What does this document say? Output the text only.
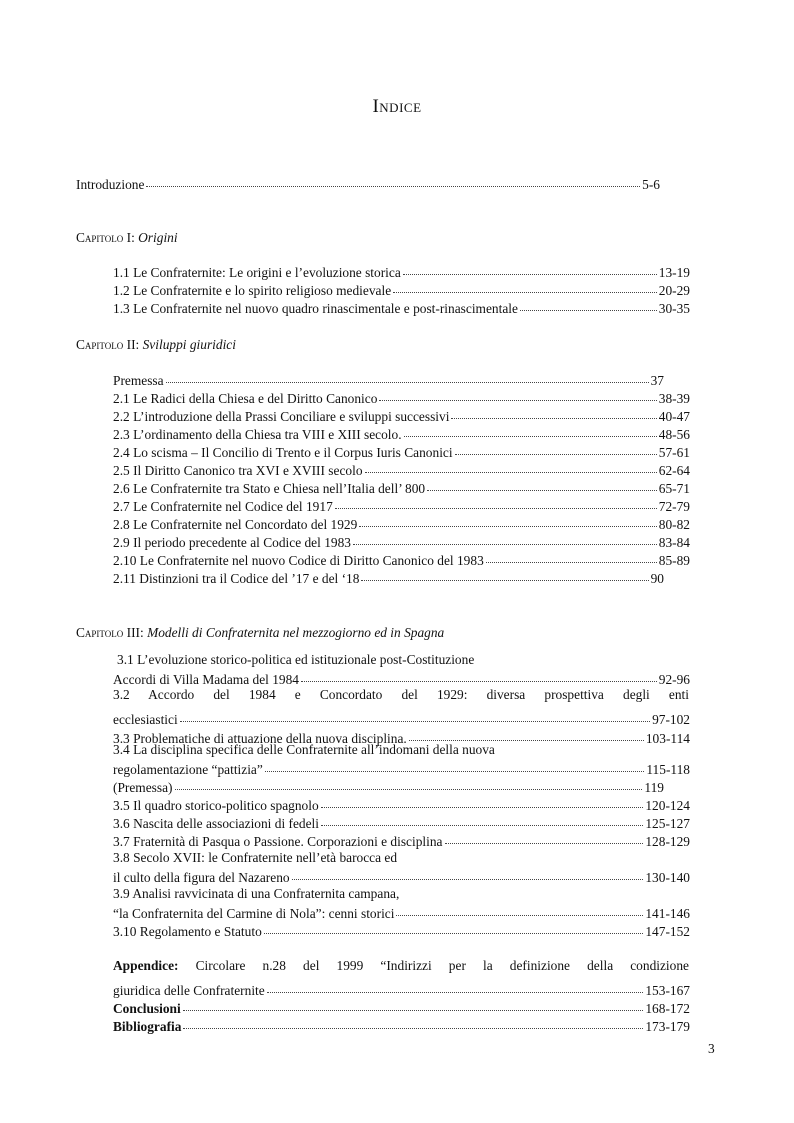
Indice
Introduzione	5-6
Capitolo I: Origini
1.1 Le Confraternite: Le origini e l’evoluzione storica	13-19
1.2 Le Confraternite e lo spirito religioso medievale	20-29
1.3 Le Confraternite nel nuovo quadro rinascimentale e post-rinascimentale	30-35
Capitolo II: Sviluppi giuridici
Premessa	37
2.1 Le Radici della Chiesa e del Diritto Canonico	38-39
2.2 L’introduzione della Prassi Conciliare e sviluppi successivi	40-47
2.3 L’ordinamento della Chiesa tra VIII e XIII secolo.	48-56
2.4 Lo scisma – Il Concilio di Trento e il Corpus Iuris Canonici	57-61
2.5 Il Diritto Canonico tra XVI e XVIII secolo	62-64
2.6 Le Confraternite tra Stato e Chiesa nell’Italia dell’ 800	65-71
2.7 Le Confraternite nel Codice del 1917	72-79
2.8 Le Confraternite nel Concordato del 1929	80-82
2.9 Il periodo precedente al Codice del 1983	83-84
2.10 Le Confraternite nel nuovo Codice di Diritto Canonico del 1983	85-89
2.11 Distinzioni tra il Codice del ’17 e del ‘18	90
Capitolo III: Modelli di Confraternita nel mezzogiorno ed in Spagna
3.1 L’evoluzione storico-politica ed istituzionale post-Costituzione
Accordi di Villa Madama del 1984	92-96
3.2 Accordo del 1984 e Concordato del 1929: diversa prospettiva degli enti
ecclesiastici	97-102
3.3 Problematiche di attuazione della nuova disciplina.	103-114
3.4 La disciplina specifica delle Confraternite all’indomani della nuova
regolamentazione “pattizia”	115-118
(Premessa)	119
3.5 Il quadro storico-politico spagnolo	120-124
3.6 Nascita delle associazioni di fedeli	125-127
3.7 Fraternità di Pasqua o Passione. Corporazioni e disciplina	128-129
3.8 Secolo XVII: le Confraternite nell’età barocca ed
il culto della figura del Nazareno	130-140
3.9 Analisi ravvicinata di una Confraternita campana,
“la Confraternita del Carmine di Nola”: cenni storici	141-146
3.10 Regolamento e Statuto	147-152
Appendice: Circolare n.28 del 1999 “Indirizzi per la definizione della condizione
giuridica delle Confraternite	153-167
Conclusioni	168-172
Bibliografia	173-179
3
